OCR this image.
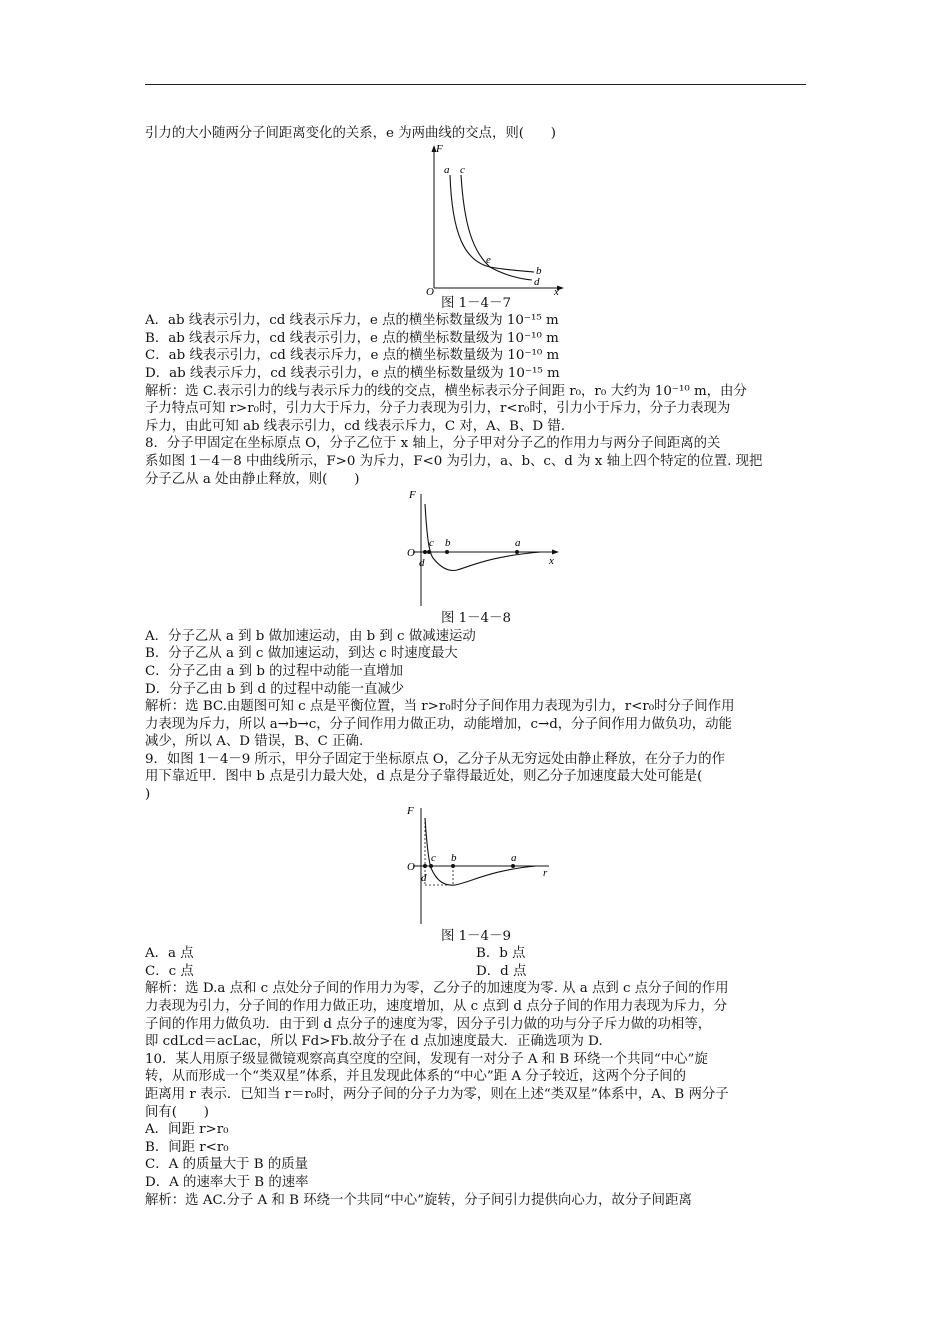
引力的大小随两分子间距离变化的关系，e 为两曲线的交点，则(　　)
F
O	x
a c
e
b
d
图 1－4－7
A．ab 线表示引力，cd 线表示斥力，e 点的横坐标数量级为 10⁻¹⁵ m
B．ab 线表示斥力，cd 线表示引力，e 点的横坐标数量级为 10⁻¹⁰ m
C．ab 线表示引力，cd 线表示斥力，e 点的横坐标数量级为 10⁻¹⁰ m
D．ab 线表示斥力，cd 线表示引力，e 点的横坐标数量级为 10⁻¹⁵ m
解析：选 C.表示引力的线与表示斥力的线的交点，横坐标表示分子间距 r₀，r₀ 大约为 10⁻¹⁰ m，由分
子力特点可知 r>r₀时，引力大于斥力，分子力表现为引力，r<r₀时，引力小于斥力，分子力表现为
斥力，由此可知 ab 线表示引力，cd 线表示斥力，C 对，A、B、D 错.
8．分子甲固定在坐标原点 O，分子乙位于 x 轴上，分子甲对分子乙的作用力与两分子间距离的关
系如图 1－4－8 中曲线所示，F>0 为斥力，F<0 为引力，a、b、c、d 为 x 轴上四个特定的位置. 现把
分子乙从 a 处由静止释放，则(　　)
F
O
x
c b	a
d
图 1－4－8
A．分子乙从 a 到 b 做加速运动，由 b 到 c 做减速运动
B．分子乙从 a 到 c 做加速运动，到达 c 时速度最大
C．分子乙由 a 到 b 的过程中动能一直增加
D．分子乙由 b 到 d 的过程中动能一直减少
解析：选 BC.由题图可知 c 点是平衡位置，当 r>r₀时分子间作用力表现为引力，r<r₀时分子间作用
力表现为斥力，所以 a→b→c，分子间作用力做正功，动能增加，c→d，分子间作用力做负功，动能
减少，所以 A、D 错误，B、C 正确.
9．如图 1－4－9 所示，甲分子固定于坐标原点 O，乙分子从无穷远处由静止释放，在分子力的作
用下靠近甲．图中 b 点是引力最大处，d 点是分子靠得最近处，则乙分子加速度最大处可能是(
)
F
O	r
c b	a
d
图 1－4－9
A．a 点	B．b 点
C．c 点	D．d 点
解析：选 D.a 点和 c 点处分子间的作用力为零，乙分子的加速度为零. 从 a 点到 c 点分子间的作用
力表现为引力，分子间的作用力做正功，速度增加，从 c 点到 d 点分子间的作用力表现为斥力，分
子间的作用力做负功．由于到 d 点分子的速度为零，因分子引力做的功与分子斥力做的功相等，
即 cdLcd＝acLac，所以 Fd>Fb.故分子在 d 点加速度最大．正确选项为 D.
10．某人用原子级显微镜观察高真空度的空间，发现有一对分子 A 和 B 环绕一个共同“中心”旋
转，从而形成一个“类双星”体系，并且发现此体系的“中心”距 A 分子较近，这两个分子间的
距离用 r 表示．已知当 r＝r₀时，两分子间的分子力为零，则在上述“类双星”体系中，A、B 两分子
间有(　　)
A．间距 r>r₀
B．间距 r<r₀
C．A 的质量大于 B 的质量
D．A 的速率大于 B 的速率
解析：选 AC.分子 A 和 B 环绕一个共同“中心”旋转，分子间引力提供向心力，故分子间距离
